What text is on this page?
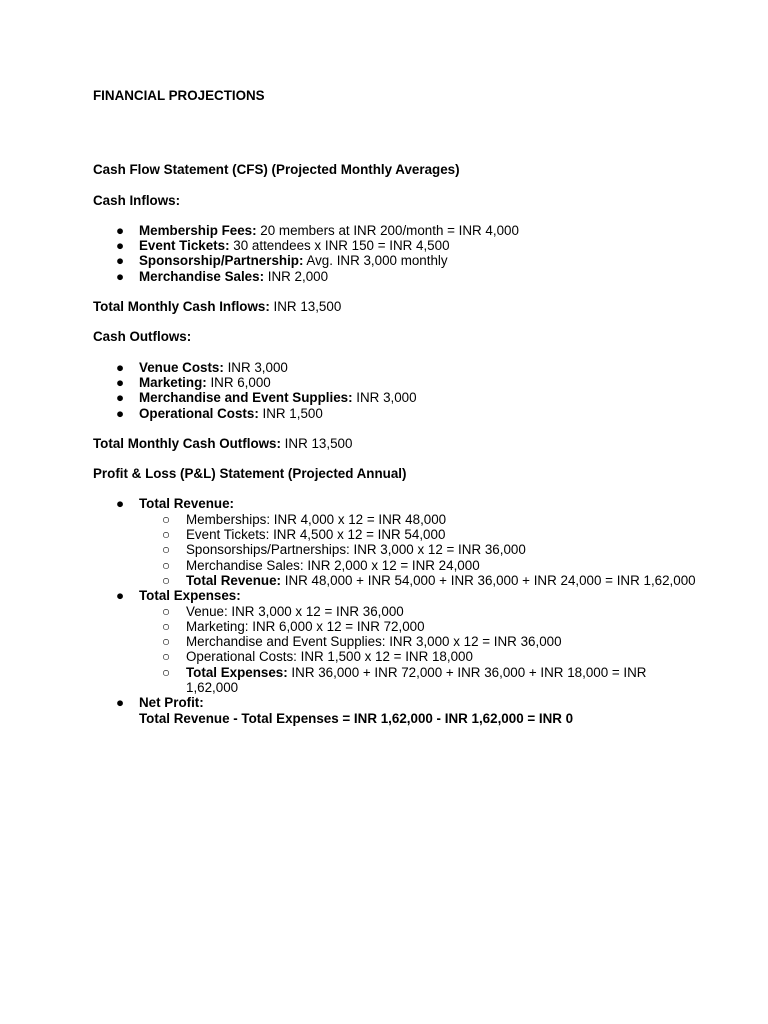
FINANCIAL PROJECTIONS

Cash Flow Statement (CFS) (Projected Monthly Averages)

Cash Inflows:

● Membership Fees: 20 members at INR 200/month = INR 4,000
● Event Tickets: 30 attendees x INR 150 = INR 4,500
● Sponsorship/Partnership: Avg. INR 3,000 monthly
● Merchandise Sales: INR 2,000

Total Monthly Cash Inflows: INR 13,500

Cash Outflows:

● Venue Costs: INR 3,000
● Marketing: INR 6,000
● Merchandise and Event Supplies: INR 3,000
● Operational Costs: INR 1,500

Total Monthly Cash Outflows: INR 13,500

Profit & Loss (P&L) Statement (Projected Annual)

● Total Revenue:
○ Memberships: INR 4,000 x 12 = INR 48,000
○ Event Tickets: INR 4,500 x 12 = INR 54,000
○ Sponsorships/Partnerships: INR 3,000 x 12 = INR 36,000
○ Merchandise Sales: INR 2,000 x 12 = INR 24,000
○ Total Revenue: INR 48,000 + INR 54,000 + INR 36,000 + INR 24,000 = INR 1,62,000
● Total Expenses:
○ Venue: INR 3,000 x 12 = INR 36,000
○ Marketing: INR 6,000 x 12 = INR 72,000
○ Merchandise and Event Supplies: INR 3,000 x 12 = INR 36,000
○ Operational Costs: INR 1,500 x 12 = INR 18,000
○ Total Expenses: INR 36,000 + INR 72,000 + INR 36,000 + INR 18,000 = INR 1,62,000
● Net Profit:
Total Revenue - Total Expenses = INR 1,62,000 - INR 1,62,000 = INR 0
